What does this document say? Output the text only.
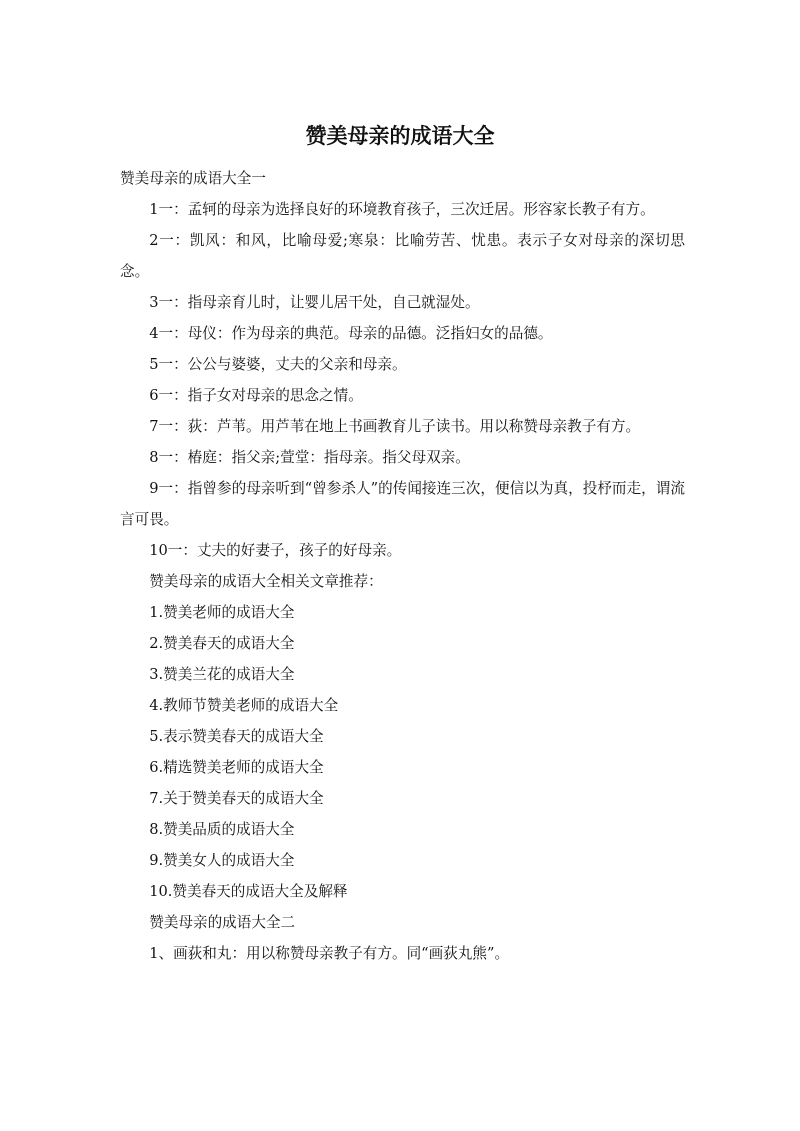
赞美母亲的成语大全

赞美母亲的成语大全一

1一：孟轲的母亲为选择良好的环境教育孩子，三次迁居。形容家长教子有方。

2一：凯风：和风，比喻母爱;寒泉：比喻劳苦、忧患。表示子女对母亲的深切思念。

3一：指母亲育儿时，让婴儿居干处，自己就湿处。

4一：母仪：作为母亲的典范。母亲的品德。泛指妇女的品德。

5一：公公与婆婆，丈夫的父亲和母亲。

6一：指子女对母亲的思念之情。

7一：荻：芦苇。用芦苇在地上书画教育儿子读书。用以称赞母亲教子有方。

8一：椿庭：指父亲;萱堂：指母亲。指父母双亲。

9一：指曾参的母亲听到“曾参杀人”的传闻接连三次，便信以为真，投杼而走，谓流言可畏。

10一：丈夫的好妻子，孩子的好母亲。

赞美母亲的成语大全相关文章推荐：

1.赞美老师的成语大全

2.赞美春天的成语大全

3.赞美兰花的成语大全

4.教师节赞美老师的成语大全

5.表示赞美春天的成语大全

6.精选赞美老师的成语大全

7.关于赞美春天的成语大全

8.赞美品质的成语大全

9.赞美女人的成语大全

10.赞美春天的成语大全及解释

赞美母亲的成语大全二

1、画荻和丸：用以称赞母亲教子有方。同“画荻丸熊”。
